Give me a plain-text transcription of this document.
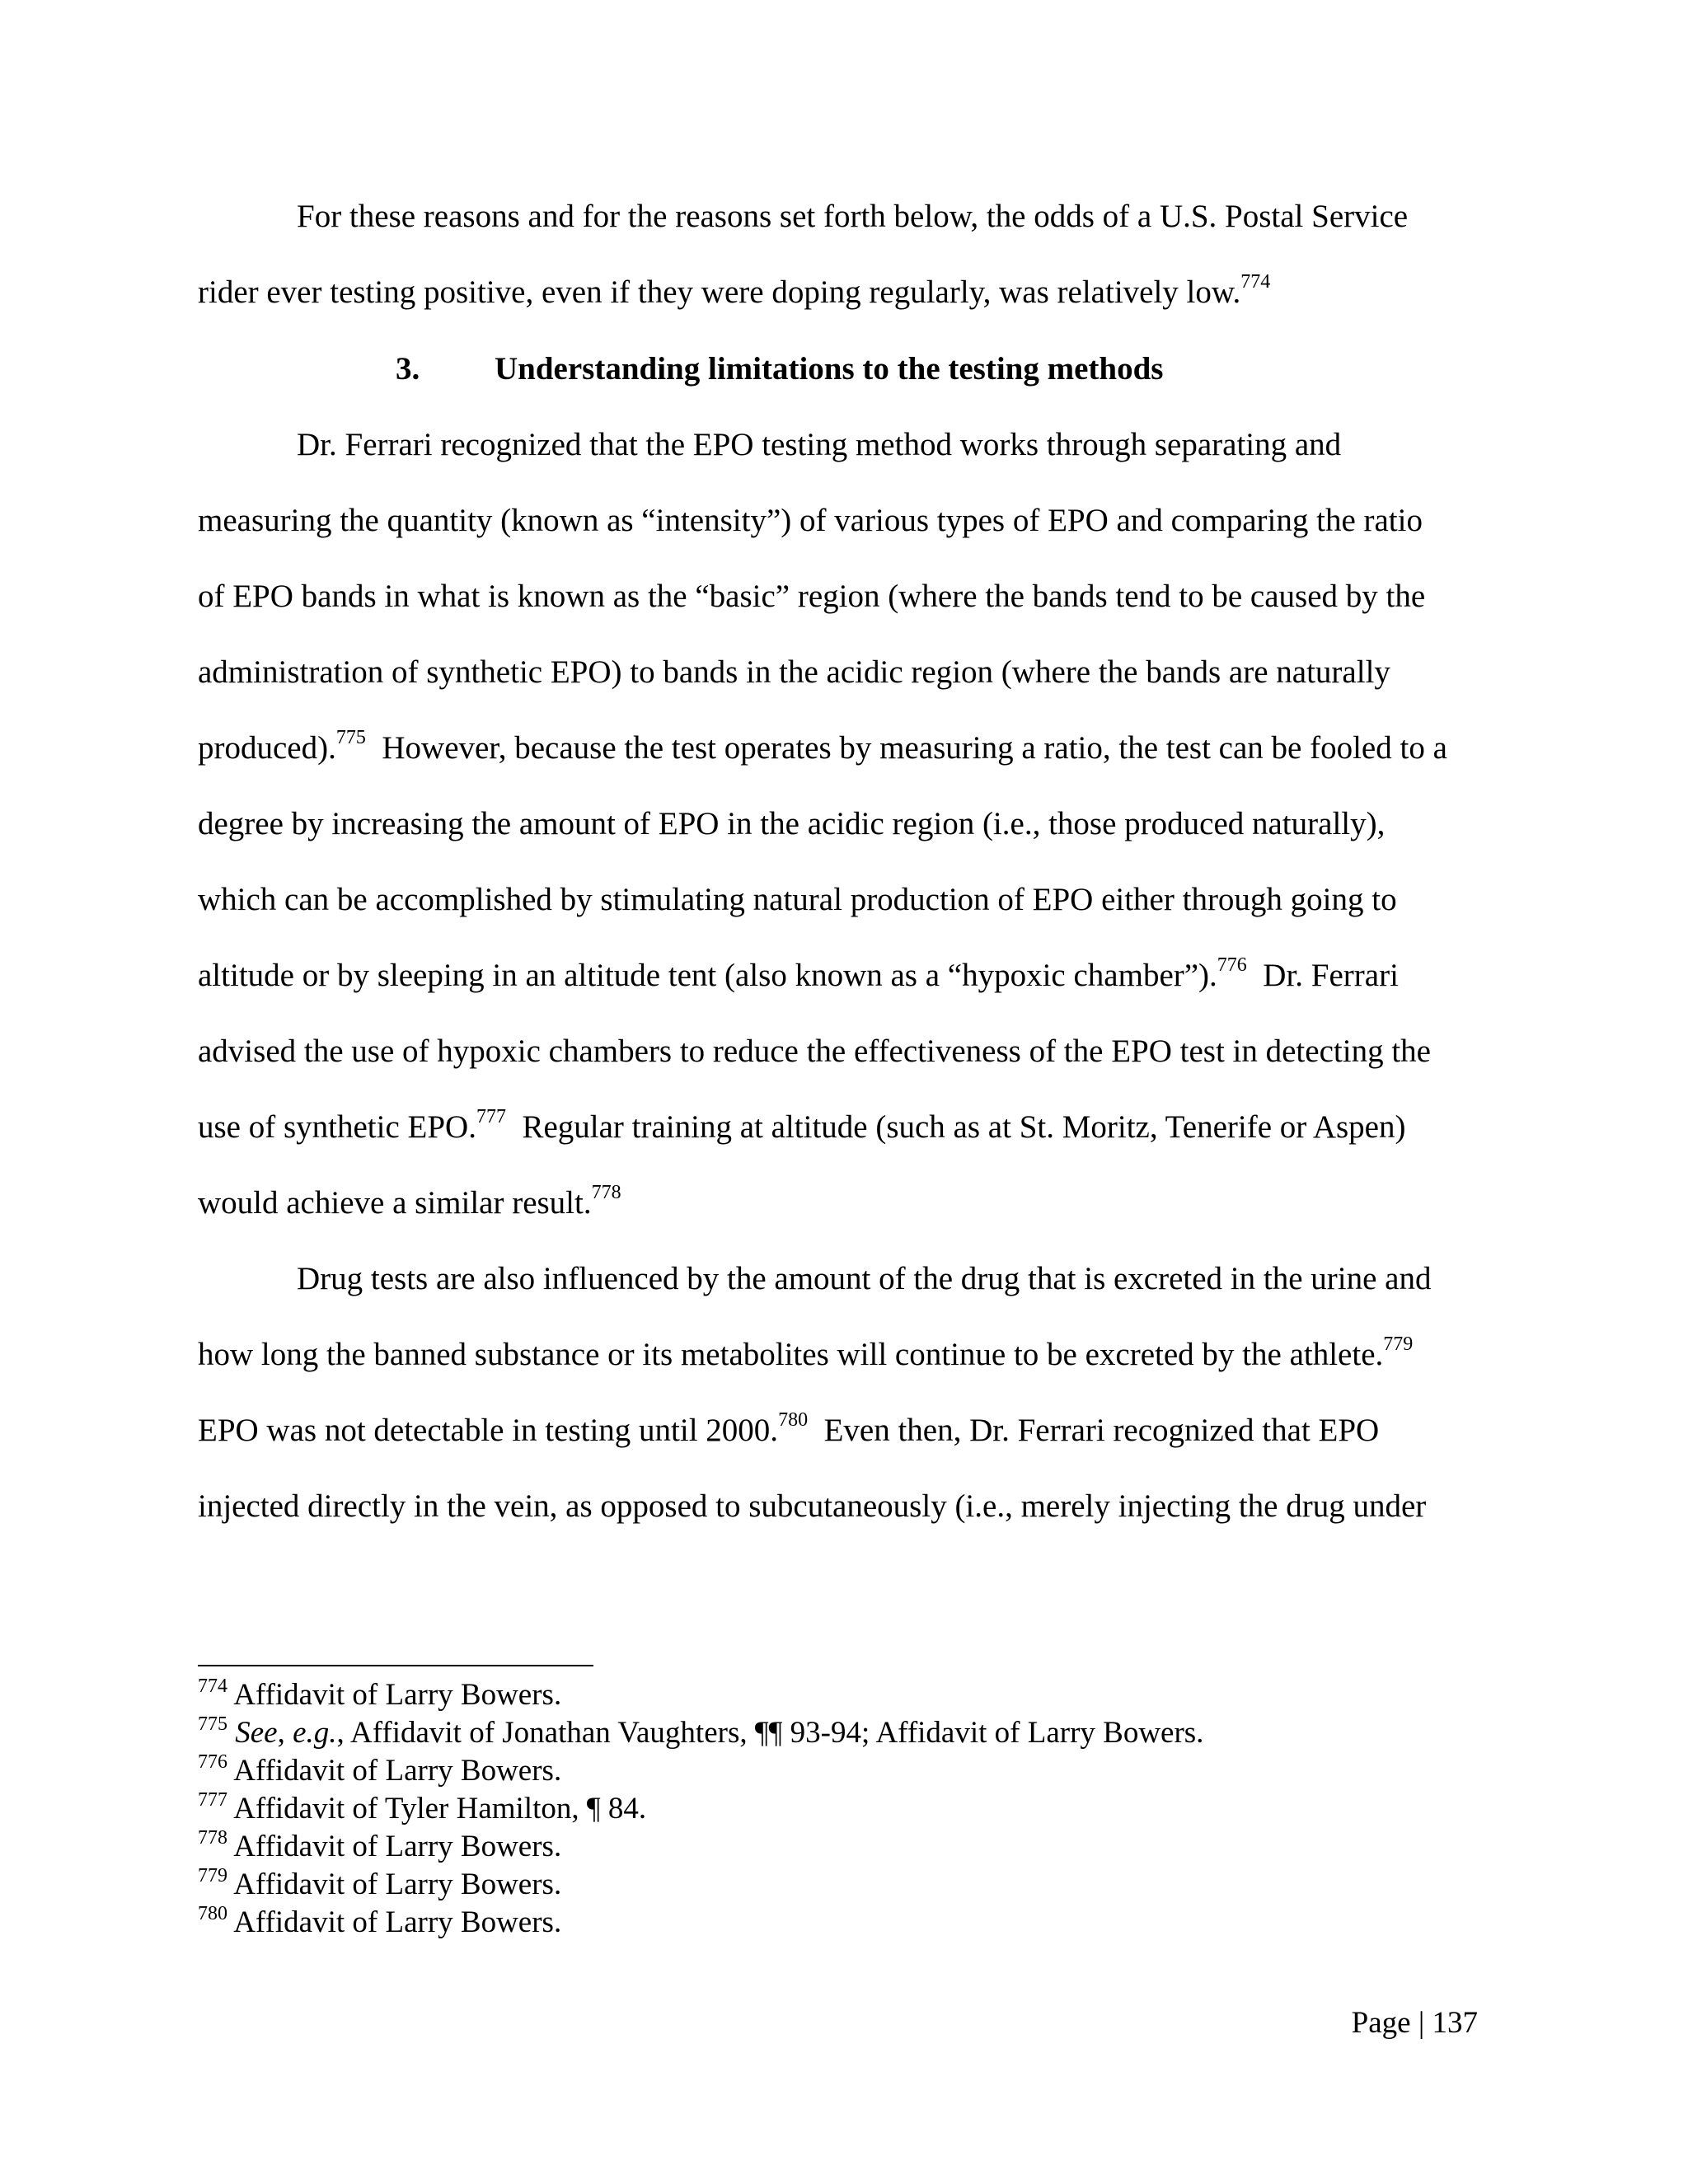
For these reasons and for the reasons set forth below, the odds of a U.S. Postal Service
rider ever testing positive, even if they were doping regularly, was relatively low.$^{774}$
3. Understanding limitations to the testing methods
Dr. Ferrari recognized that the EPO testing method works through separating and
measuring the quantity (known as “intensity”) of various types of EPO and comparing the ratio
of EPO bands in what is known as the “basic” region (where the bands tend to be caused by the
administration of synthetic EPO) to bands in the acidic region (where the bands are naturally
produced).$^{775}$  However, because the test operates by measuring a ratio, the test can be fooled to a
degree by increasing the amount of EPO in the acidic region (i.e., those produced naturally),
which can be accomplished by stimulating natural production of EPO either through going to
altitude or by sleeping in an altitude tent (also known as a “hypoxic chamber”).$^{776}$  Dr. Ferrari
advised the use of hypoxic chambers to reduce the effectiveness of the EPO test in detecting the
use of synthetic EPO.$^{777}$  Regular training at altitude (such as at St. Moritz, Tenerife or Aspen)
would achieve a similar result.$^{778}$
Drug tests are also influenced by the amount of the drug that is excreted in the urine and
how long the banned substance or its metabolites will continue to be excreted by the athlete.$^{779}$
EPO was not detectable in testing until 2000.$^{780}$  Even then, Dr. Ferrari recognized that EPO
injected directly in the vein, as opposed to subcutaneously (i.e., merely injecting the drug under
$^{774}$ Affidavit of Larry Bowers.
$^{775}$ See, e.g., Affidavit of Jonathan Vaughters, ¶¶ 93-94; Affidavit of Larry Bowers.
$^{776}$ Affidavit of Larry Bowers.
$^{777}$ Affidavit of Tyler Hamilton, ¶ 84.
$^{778}$ Affidavit of Larry Bowers.
$^{779}$ Affidavit of Larry Bowers.
$^{780}$ Affidavit of Larry Bowers.
Page | 137
